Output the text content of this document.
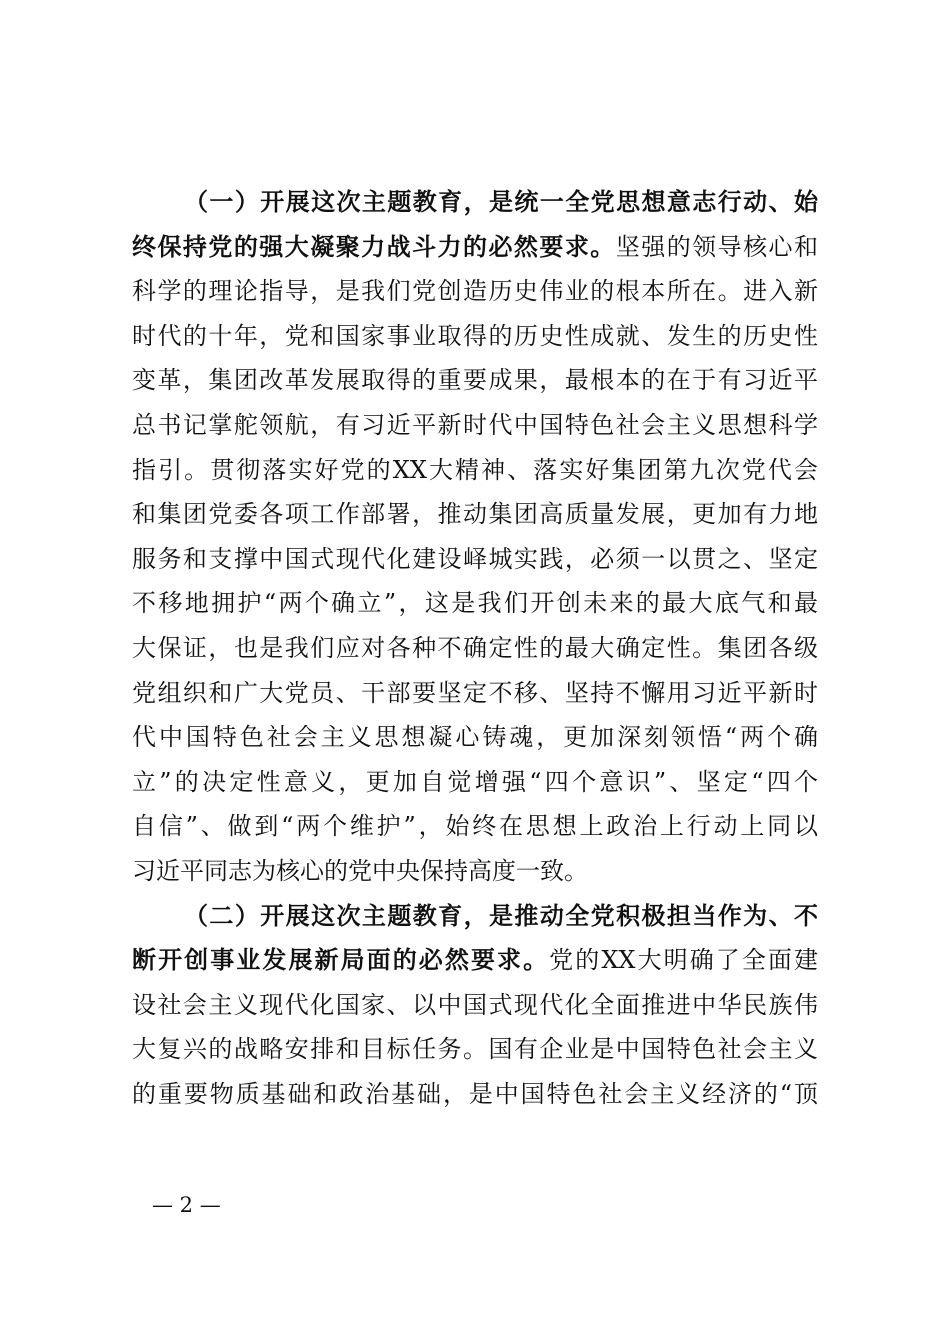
（一）开展这次主题教育，是统一全党思想意志行动、始
终保持党的强大凝聚力战斗力的必然要求。坚强的领导核心和
科学的理论指导，是我们党创造历史伟业的根本所在。进入新
时代的十年，党和国家事业取得的历史性成就、发生的历史性
变革，集团改革发展取得的重要成果，最根本的在于有习近平
总书记掌舵领航，有习近平新时代中国特色社会主义思想科学
指引。贯彻落实好党的XX大精神、落实好集团第九次党代会
和集团党委各项工作部署，推动集团高质量发展，更加有力地
服务和支撑中国式现代化建设峄城实践，必须一以贯之、坚定
不移地拥护“两个确立”，这是我们开创未来的最大底气和最
大保证，也是我们应对各种不确定性的最大确定性。集团各级
党组织和广大党员、干部要坚定不移、坚持不懈用习近平新时
代中国特色社会主义思想凝心铸魂，更加深刻领悟“两个确
立”的决定性意义，更加自觉增强“四个意识”、坚定“四个
自信”、做到“两个维护”，始终在思想上政治上行动上同以
习近平同志为核心的党中央保持高度一致。
（二）开展这次主题教育，是推动全党积极担当作为、不
断开创事业发展新局面的必然要求。党的XX大明确了全面建
设社会主义现代化国家、以中国式现代化全面推进中华民族伟
大复兴的战略安排和目标任务。国有企业是中国特色社会主义
的重要物质基础和政治基础，是中国特色社会主义经济的“顶
— 2 —
